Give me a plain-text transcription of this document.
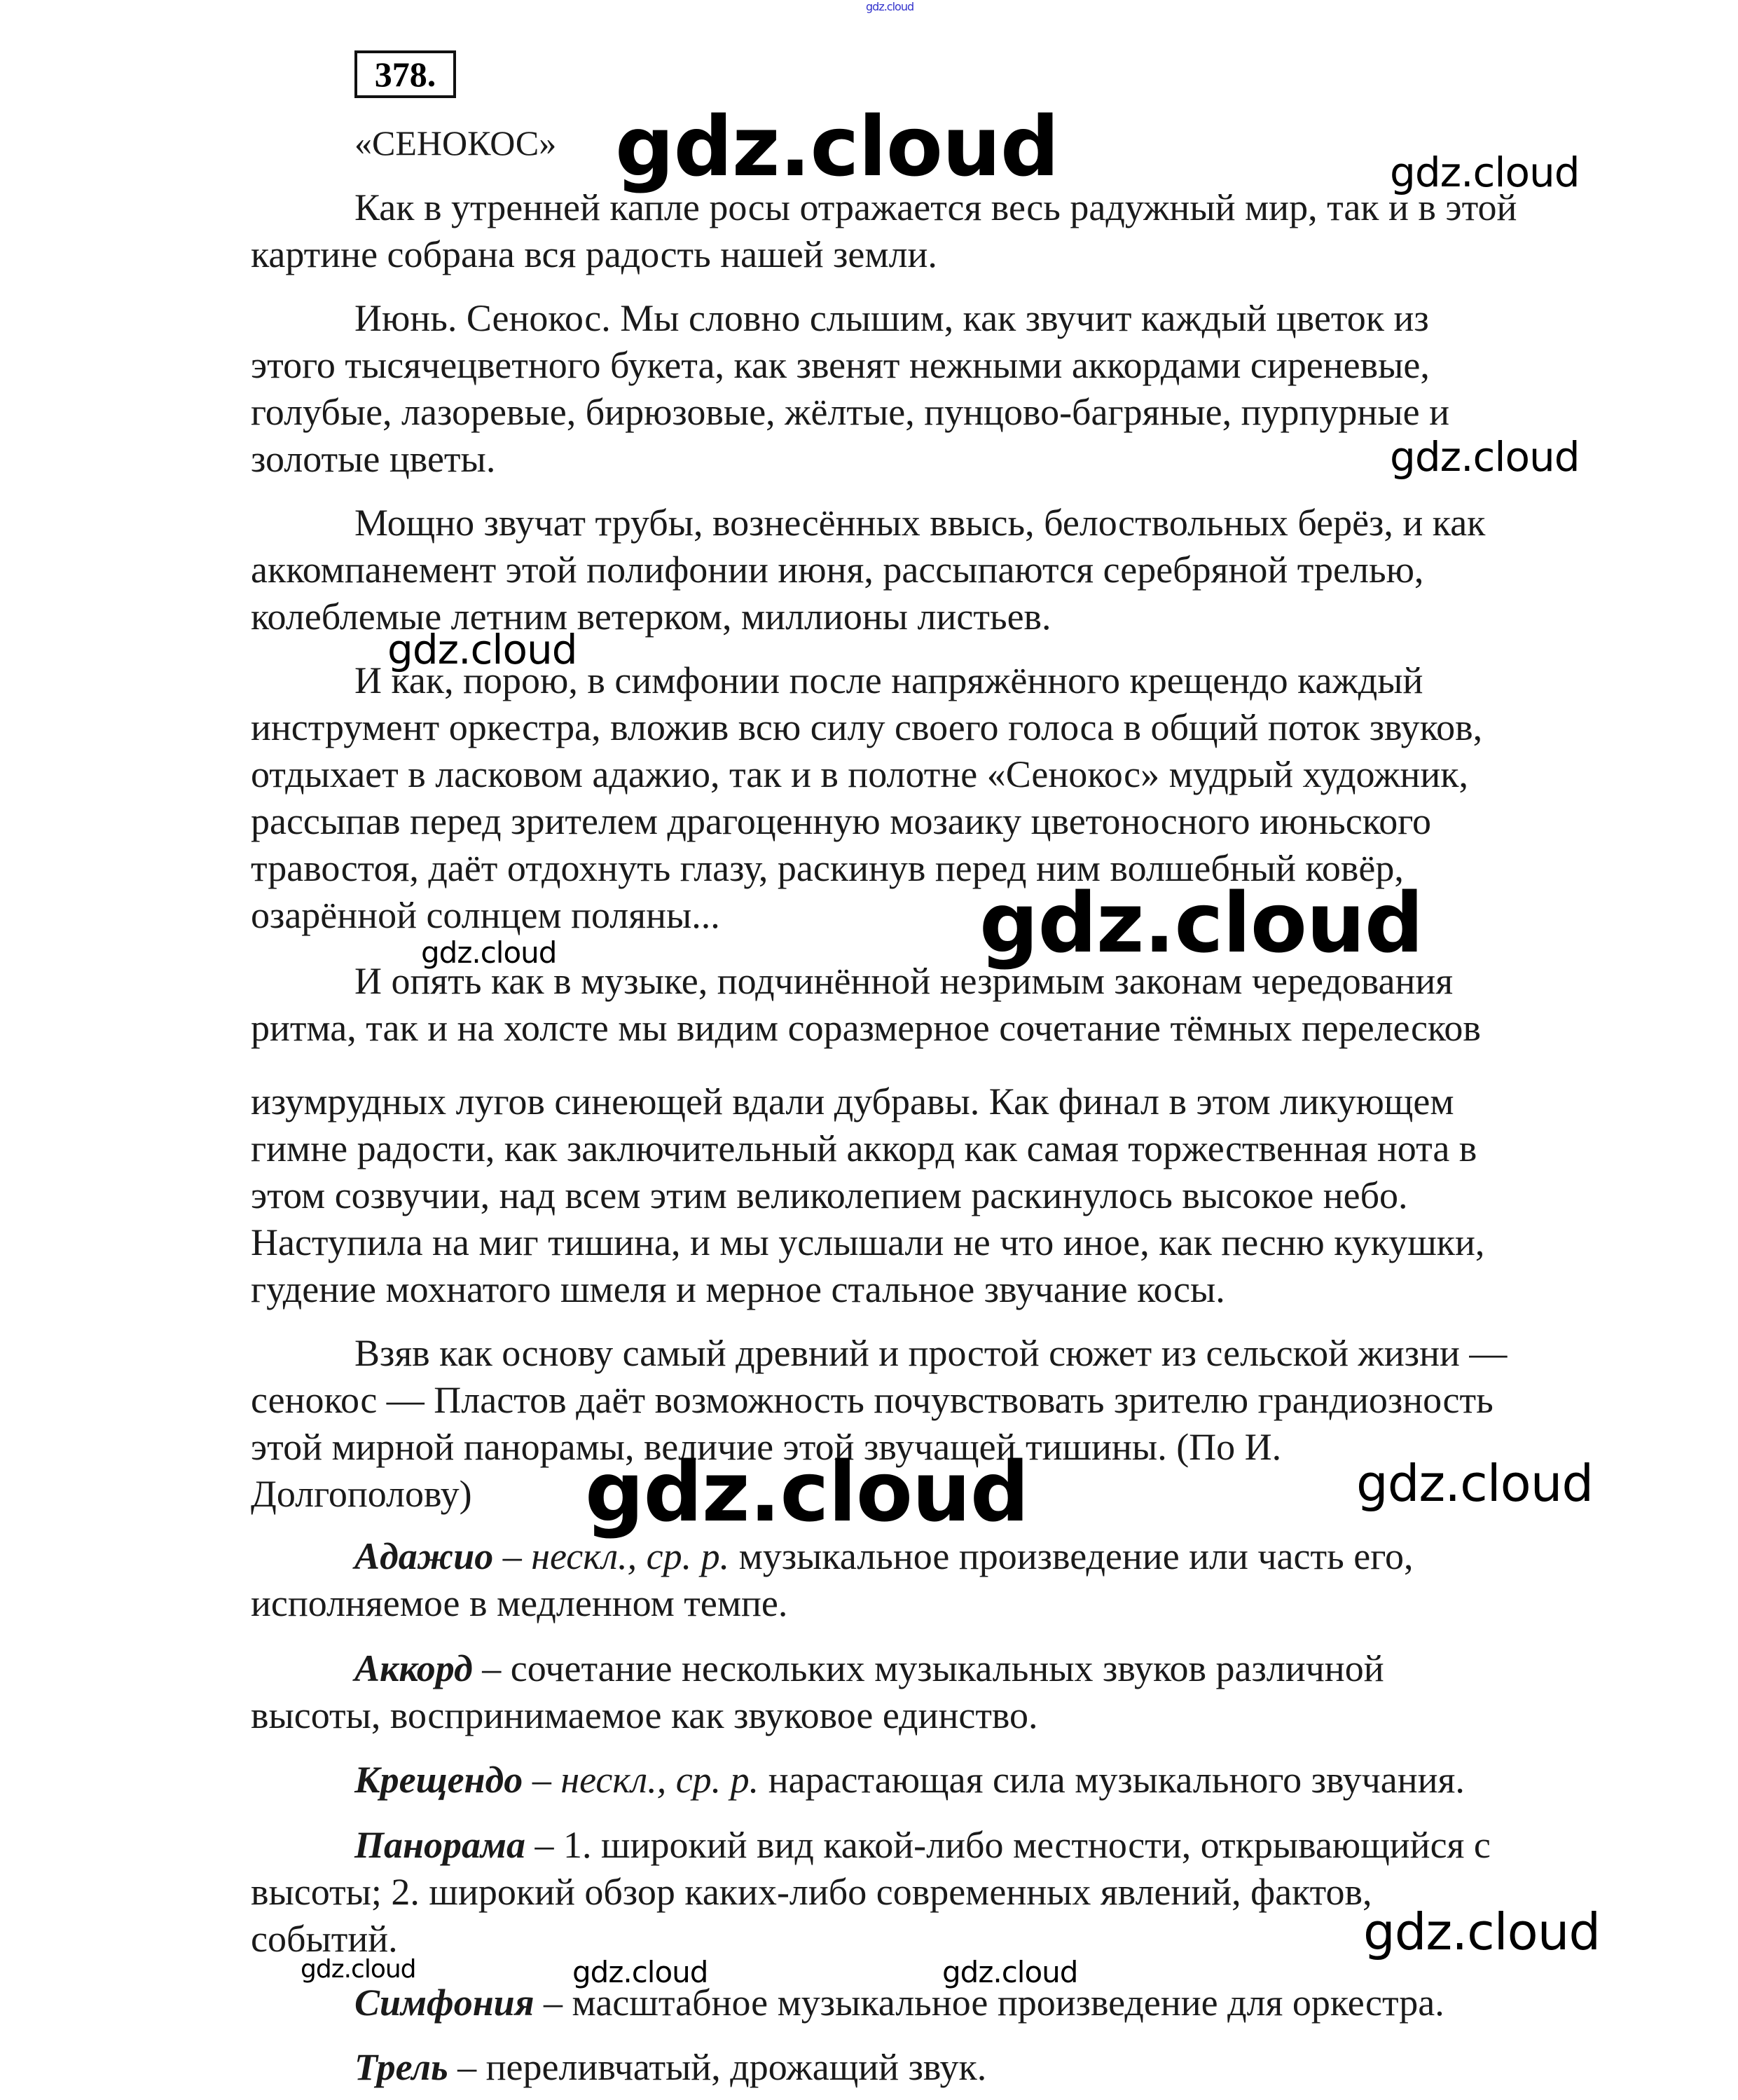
378.
«СЕНОКОС»
Как в утренней капле росы отражается весь радужный мир, так и в этой
картине собрана вся радость нашей земли.
Июнь. Сенокос. Мы словно слышим, как звучит каждый цветок из
этого тысячецветного букета, как звенят нежными аккордами сиреневые,
голубые, лазоревые, бирюзовые, жёлтые, пунцово-багряные, пурпурные и
золотые цветы.
Мощно звучат трубы, вознесённых ввысь, белоствольных берёз, и как
аккомпанемент этой полифонии июня, рассыпаются серебряной трелью,
колеблемые летним ветерком, миллионы листьев.
И как, порою, в симфонии после напряжённого крещендо каждый
инструмент оркестра, вложив всю силу своего голоса в общий поток звуков,
отдыхает в ласковом адажио, так и в полотне «Сенокос» мудрый художник,
рассыпав перед зрителем драгоценную мозаику цветоносного июньского
травостоя, даёт отдохнуть глазу, раскинув перед ним волшебный ковёр,
озарённой солнцем поляны...
И опять как в музыке, подчинённой незримым законам чередования
ритма, так и на холсте мы видим соразмерное сочетание тёмных перелесков
изумрудных лугов синеющей вдали дубравы. Как финал в этом ликующем
гимне радости, как заключительный аккорд как самая торжественная нота в
этом созвучии, над всем этим великолепием раскинулось высокое небо.
Наступила на миг тишина, и мы услышали не что иное, как песню кукушки,
гудение мохнатого шмеля и мерное стальное звучание косы.
Взяв как основу самый древний и простой сюжет из сельской жизни —
сенокос — Пластов даёт возможность почувствовать зрителю грандиозность
этой мирной панорамы, величие этой звучащей тишины. (По И.
Долгополову)
Адажио – нескл., ср. р. музыкальное произведение или часть его,
исполняемое в медленном темпе.
Аккорд – сочетание нескольких музыкальных звуков различной
высоты, воспринимаемое как звуковое единство.
Крещендо – нескл., ср. р. нарастающая сила музыкального звучания.
Панорама – 1. широкий вид какой-либо местности, открывающийся с
высоты; 2. широкий обзор каких-либо современных явлений, фактов,
событий.
Симфония – масштабное музыкальное произведение для оркестра.
Трель – переливчатый, дрожащий звук.
gdz.cloud
gdz.cloud	gdz.cloud
gdz.cloud
gdz.cloud
gdz.cloud
gdz.cloud
gdz.cloud	gdz.cloud
gdz.cloud
gdz.cloud	gdz.cloud	gdz.cloud
